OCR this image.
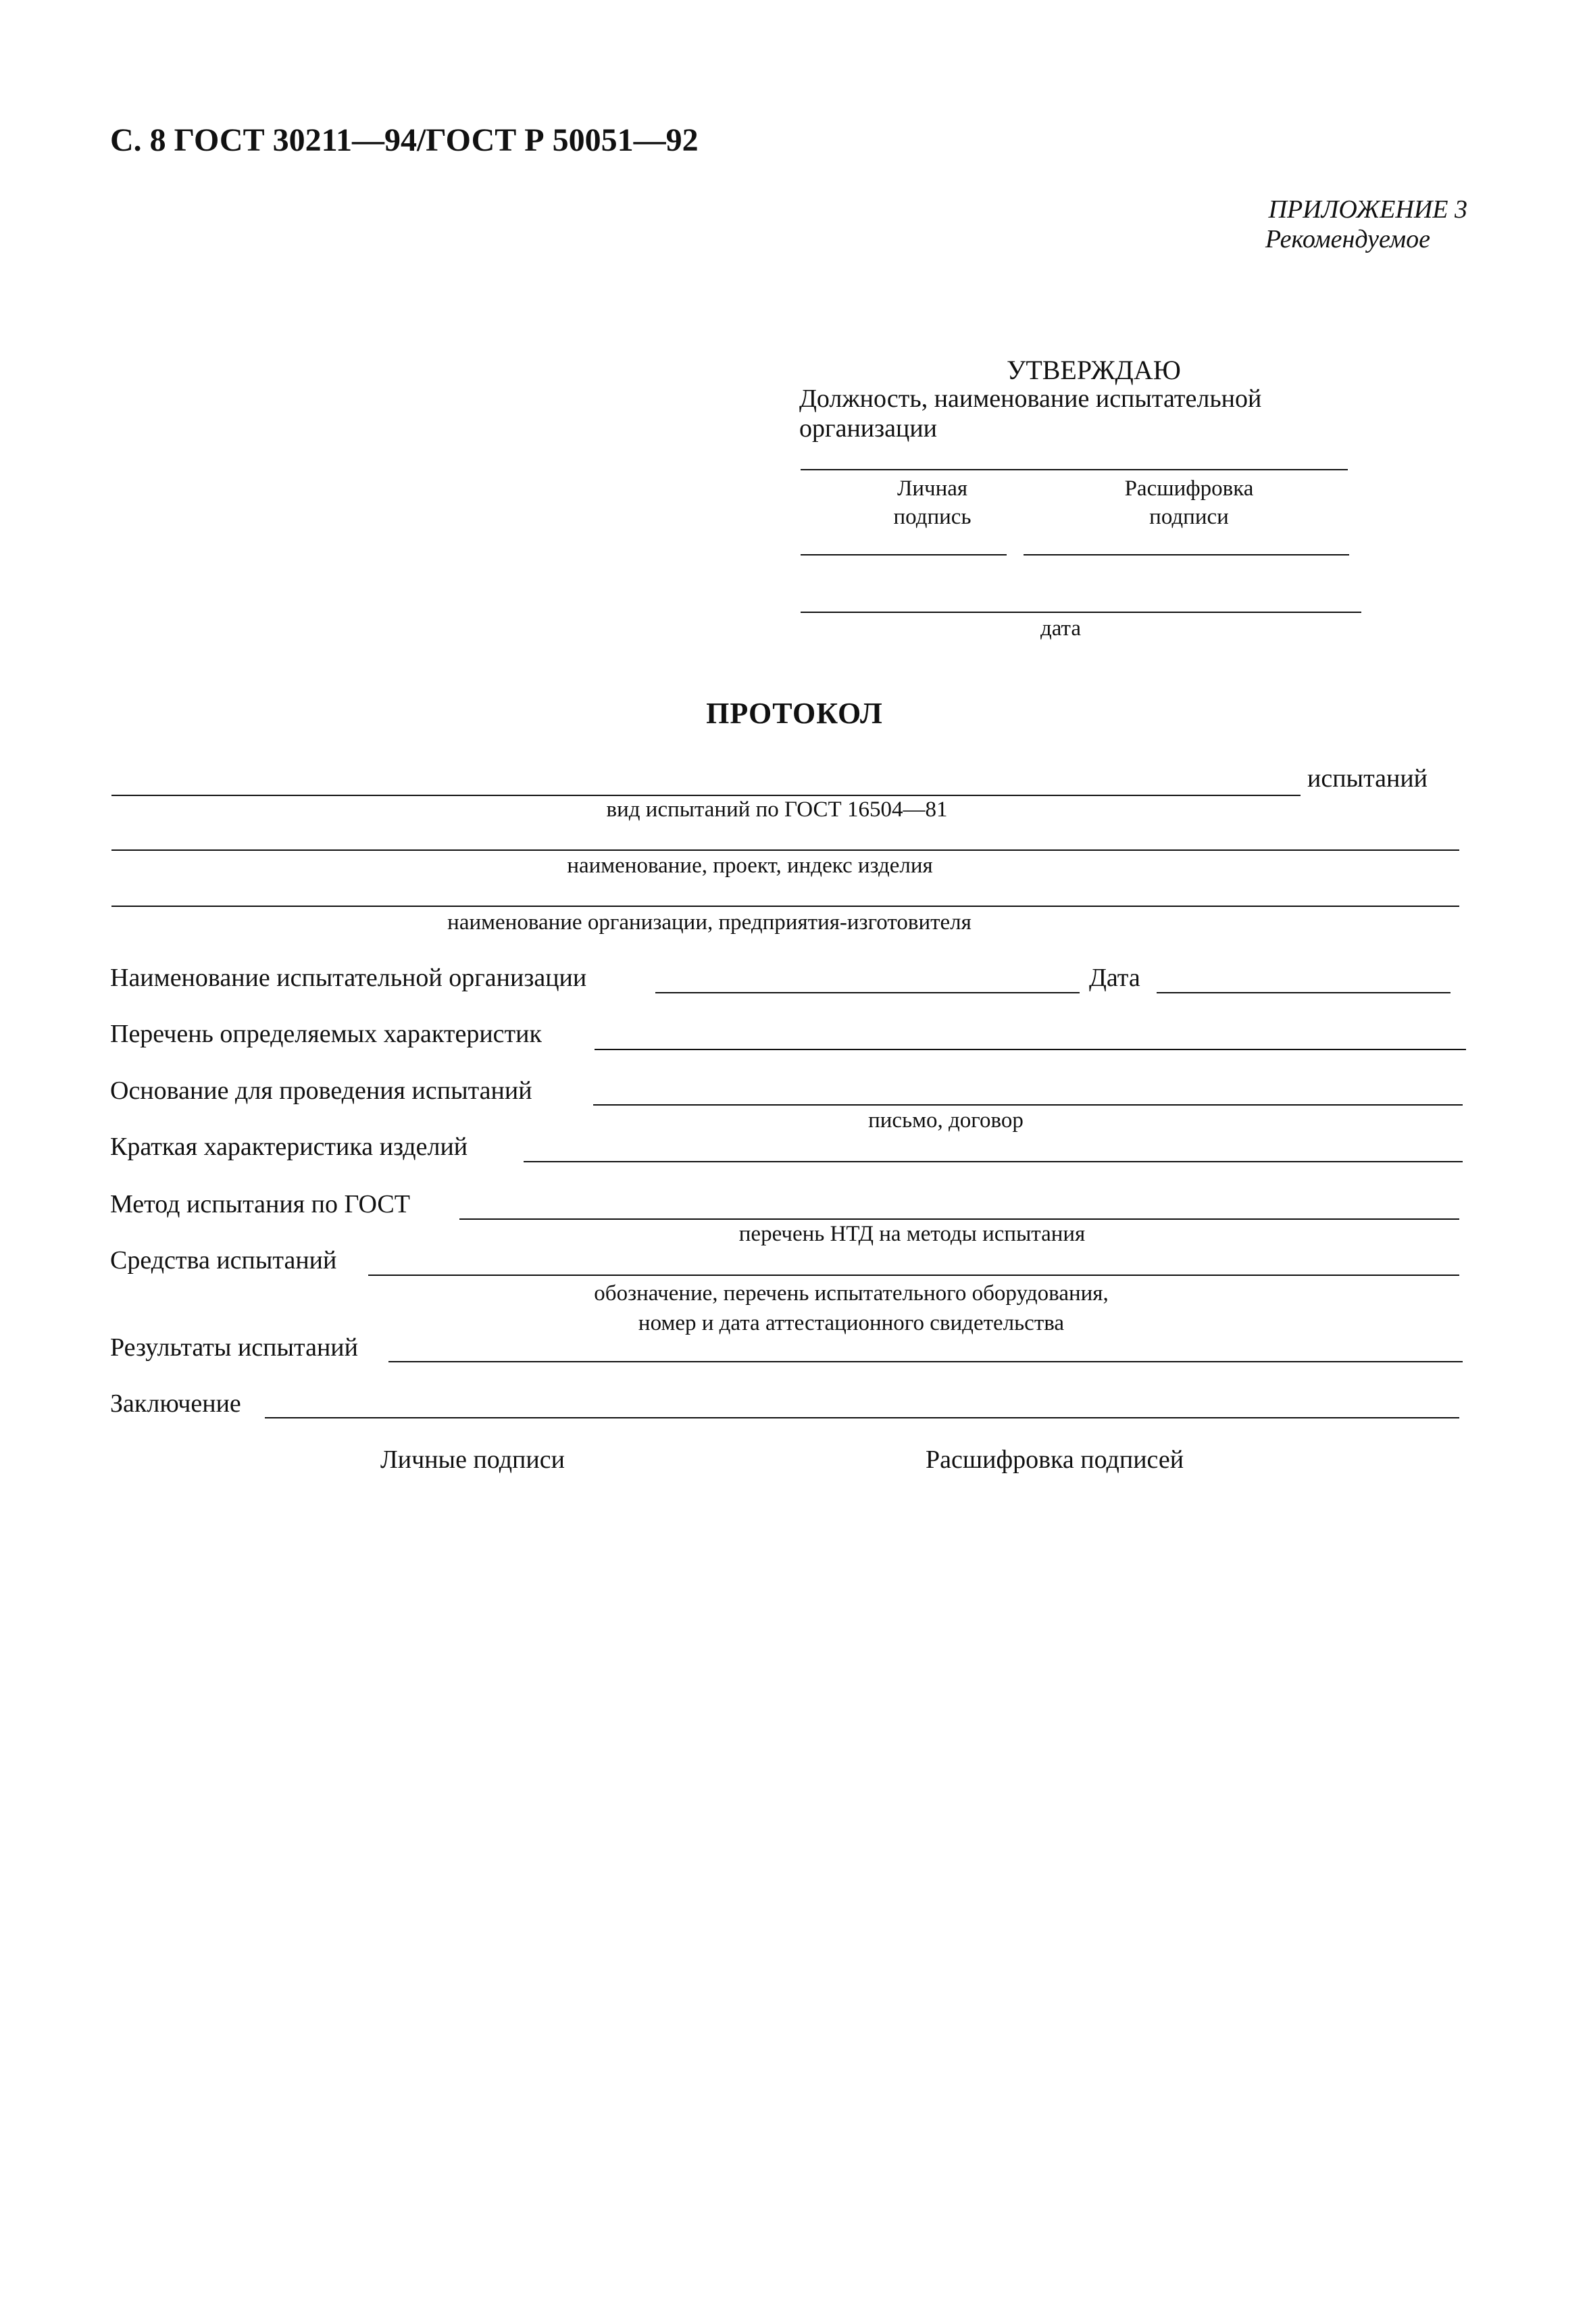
С. 8 ГОСТ 30211—94/ГОСТ Р 50051—92
ПРИЛОЖЕНИЕ 3
Рекомендуемое
УТВЕРЖДАЮ
Должность, наименование испытательной
организации
Личная
подпись
Расшифровка
подписи
дата
ПРОТОКОЛ
испытаний
вид испытаний по ГОСТ 16504—81
наименование, проект, индекс изделия
наименование организации, предприятия-изготовителя
Наименование испытательной организации	Дата
Перечень определяемых характеристик
Основание для проведения испытаний
письмо, договор
Краткая характеристика изделий
Метод испытания по ГОСТ
перечень НТД на методы испытания
Средства испытаний
обозначение, перечень испытательного оборудования,
номер и дата аттестационного свидетельства
Результаты испытаний
Заключение
Личные подписи	Расшифровка подписей
